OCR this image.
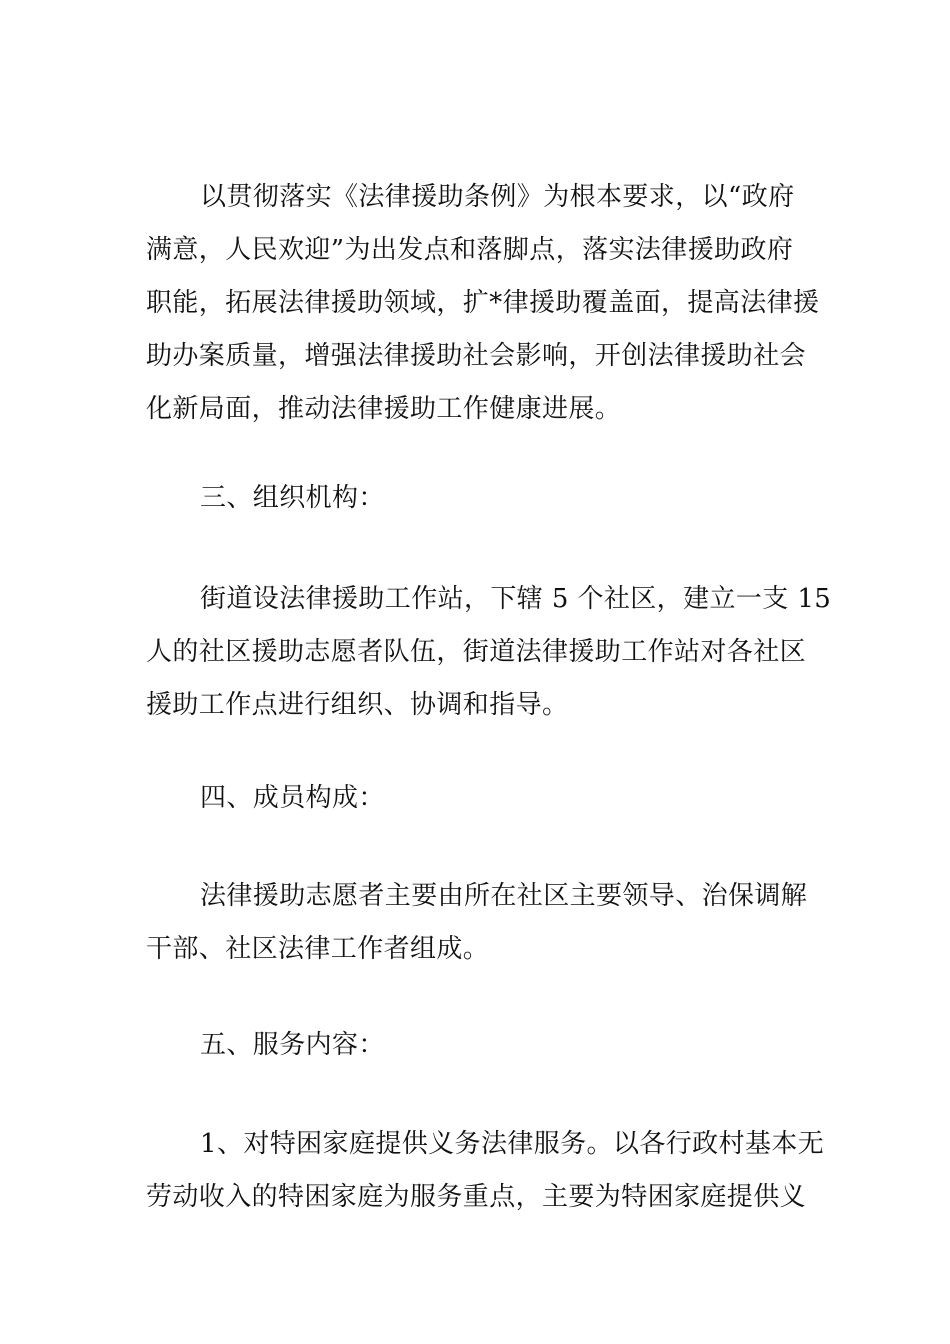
以贯彻落实《法律援助条例》为根本要求，以“政府
满意，人民欢迎”为出发点和落脚点，落实法律援助政府
职能，拓展法律援助领域，扩*律援助覆盖面，提高法律援
助办案质量，增强法律援助社会影响，开创法律援助社会
化新局面，推动法律援助工作健康进展。
三、组织机构：
街道设法律援助工作站，下辖 5 个社区，建立一支 15
人的社区援助志愿者队伍，街道法律援助工作站对各社区
援助工作点进行组织、协调和指导。
四、成员构成：
法律援助志愿者主要由所在社区主要领导、治保调解
干部、社区法律工作者组成。
五、服务内容：
1、对特困家庭提供义务法律服务。以各行政村基本无
劳动收入的特困家庭为服务重点，主要为特困家庭提供义
